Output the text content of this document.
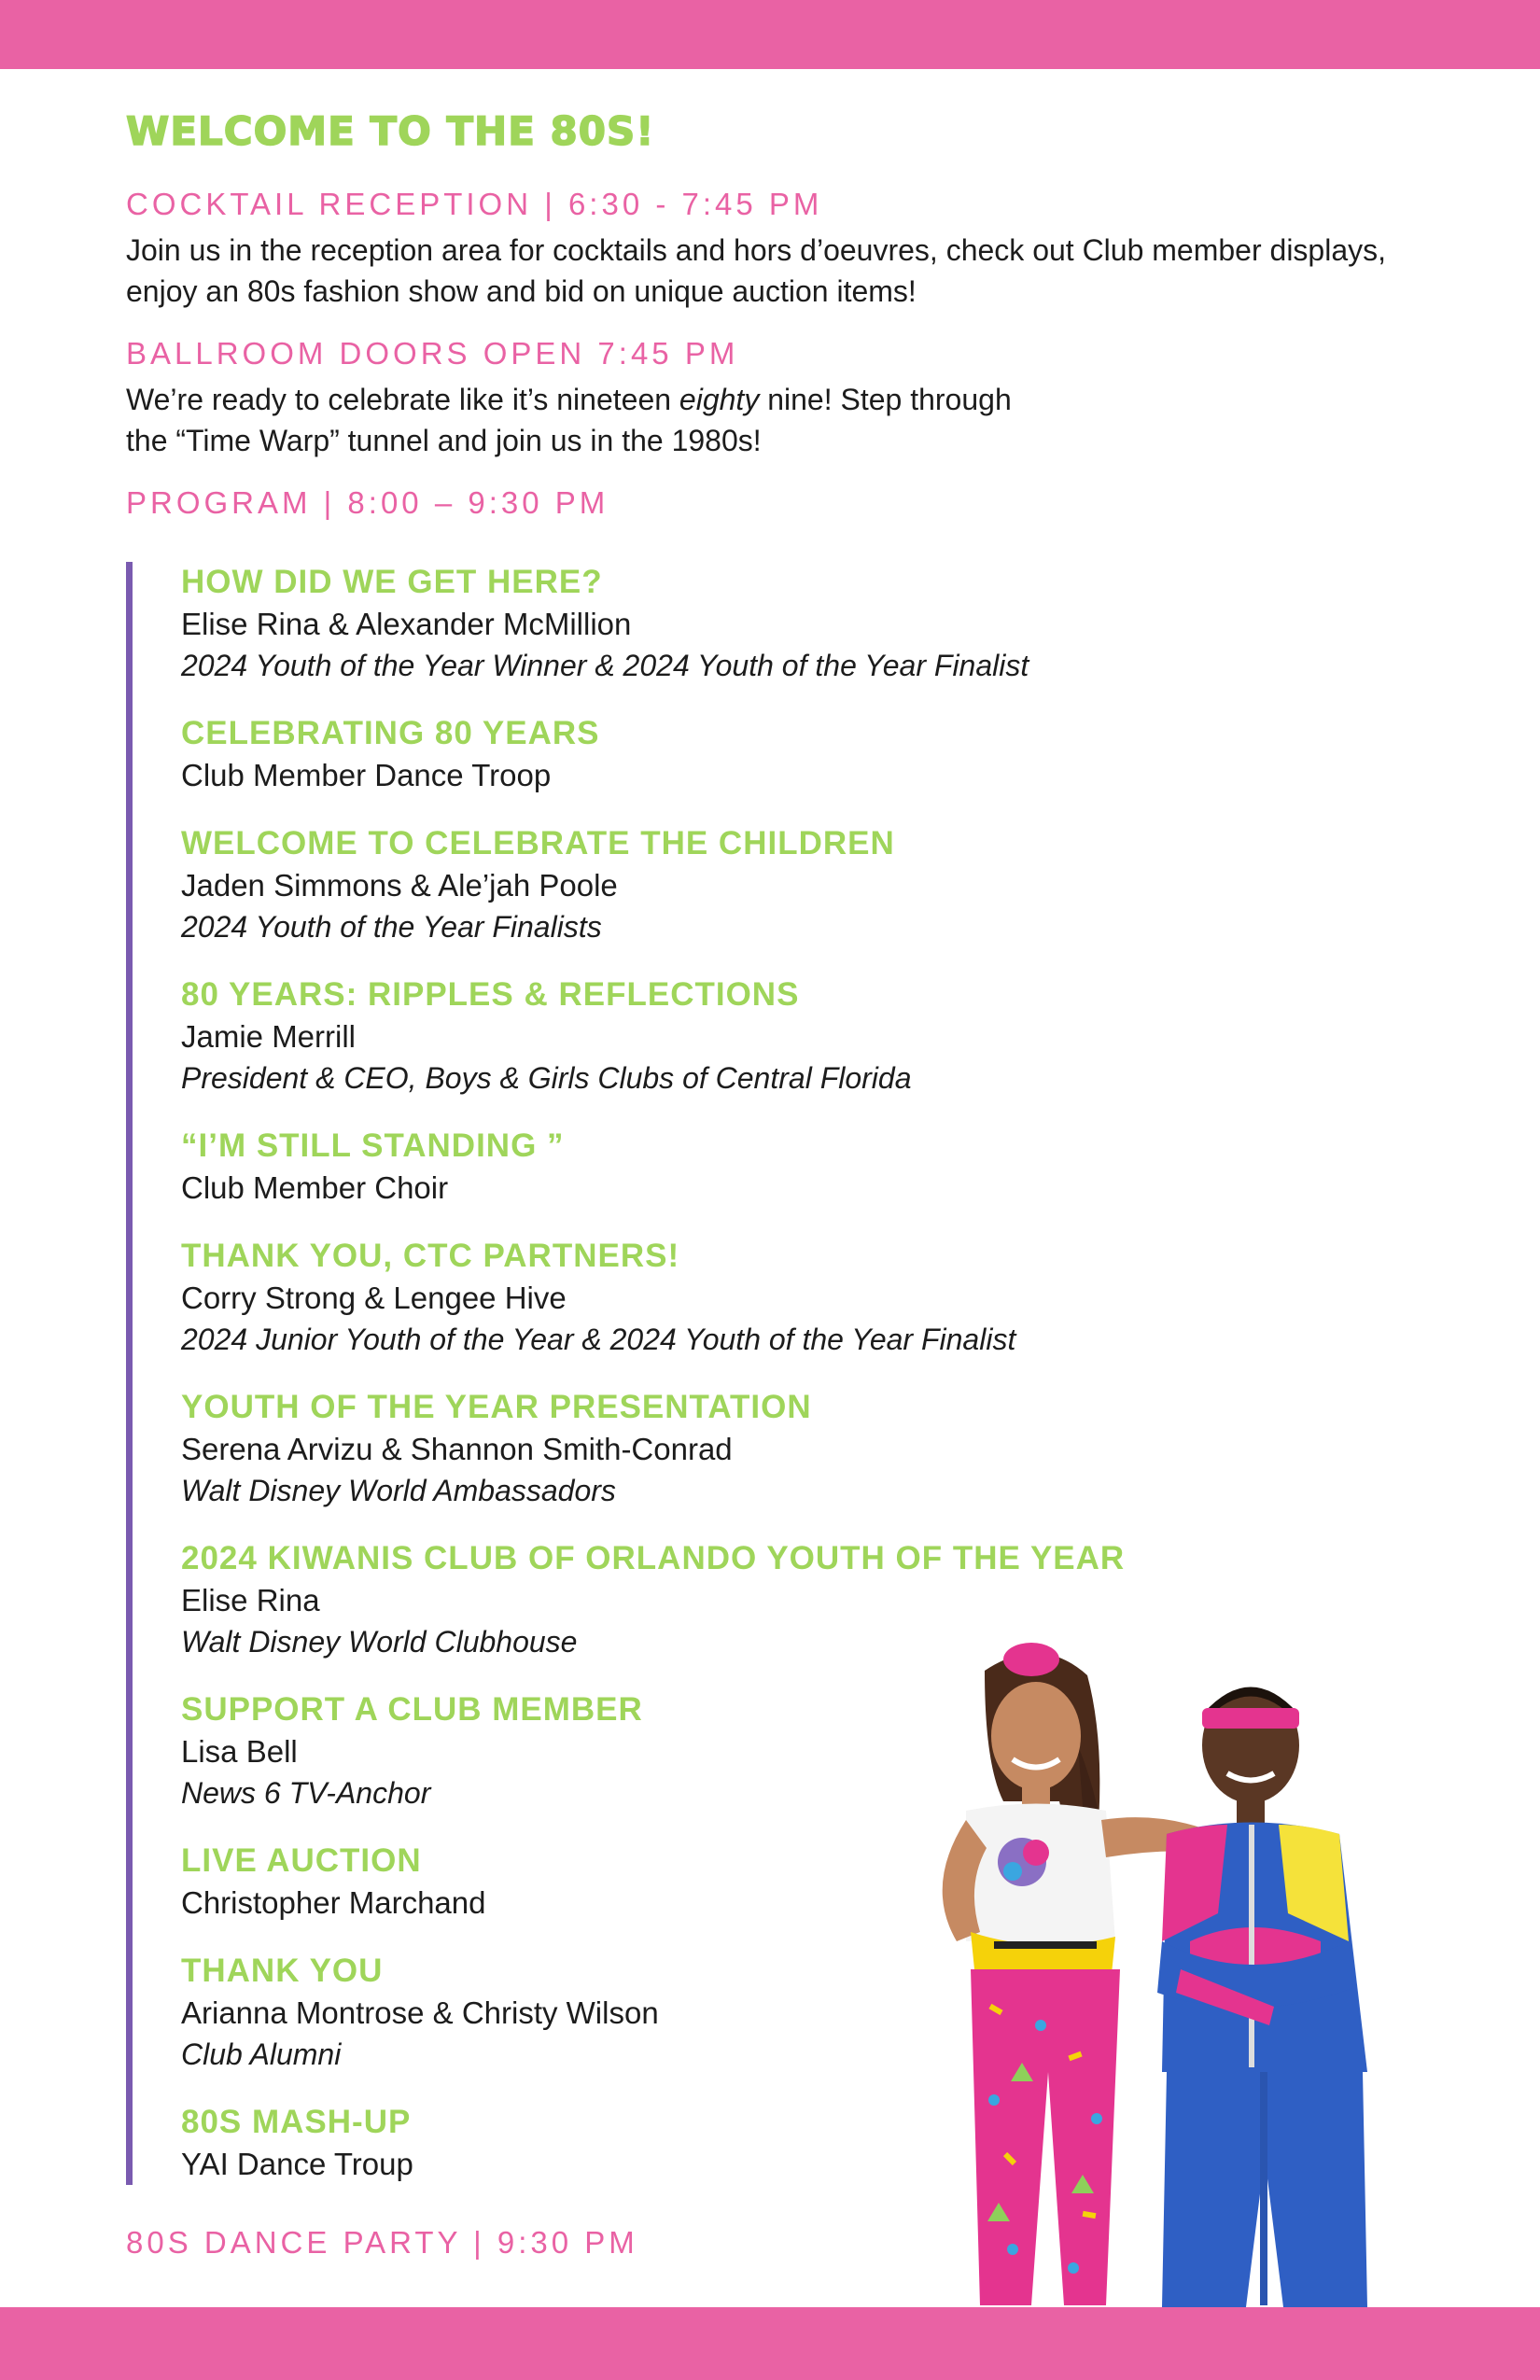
WELCOME TO THE 80S!
COCKTAIL RECEPTION | 6:30 - 7:45 PM

Join us in the reception area for cocktails and hors d’oeuvres, check out Club member displays, enjoy an 80s fashion show and bid on unique auction items!

BALLROOM DOORS OPEN 7:45 PM

We’re ready to celebrate like it’s nineteen eighty nine! Step through the “Time Warp” tunnel and join us in the 1980s!

PROGRAM | 8:00 – 9:30 PM
HOW DID WE GET HERE?
Elise Rina & Alexander McMillion
2024 Youth of the Year Winner & 2024 Youth of the Year Finalist
CELEBRATING 80 YEARS
Club Member Dance Troop
WELCOME TO CELEBRATE THE CHILDREN
Jaden Simmons & Ale’jah Poole
2024 Youth of the Year Finalists
80 YEARS: RIPPLES & REFLECTIONS
Jamie Merrill
President & CEO, Boys & Girls Clubs of Central Florida
“I’M STILL STANDING ”
Club Member Choir
THANK YOU, CTC PARTNERS!
Corry Strong & Lengee Hive
2024 Junior Youth of the Year & 2024 Youth of the Year Finalist
YOUTH OF THE YEAR PRESENTATION
Serena Arvizu & Shannon Smith-Conrad
Walt Disney World Ambassadors
2024 KIWANIS CLUB OF ORLANDO YOUTH OF THE YEAR
Elise Rina
Walt Disney World Clubhouse
SUPPORT A CLUB MEMBER
Lisa Bell
News 6 TV-Anchor
LIVE AUCTION
Christopher Marchand
THANK YOU
Arianna Montrose & Christy Wilson
Club Alumni
80S MASH-UP
YAI Dance Troup
80S DANCE PARTY | 9:30 PM
